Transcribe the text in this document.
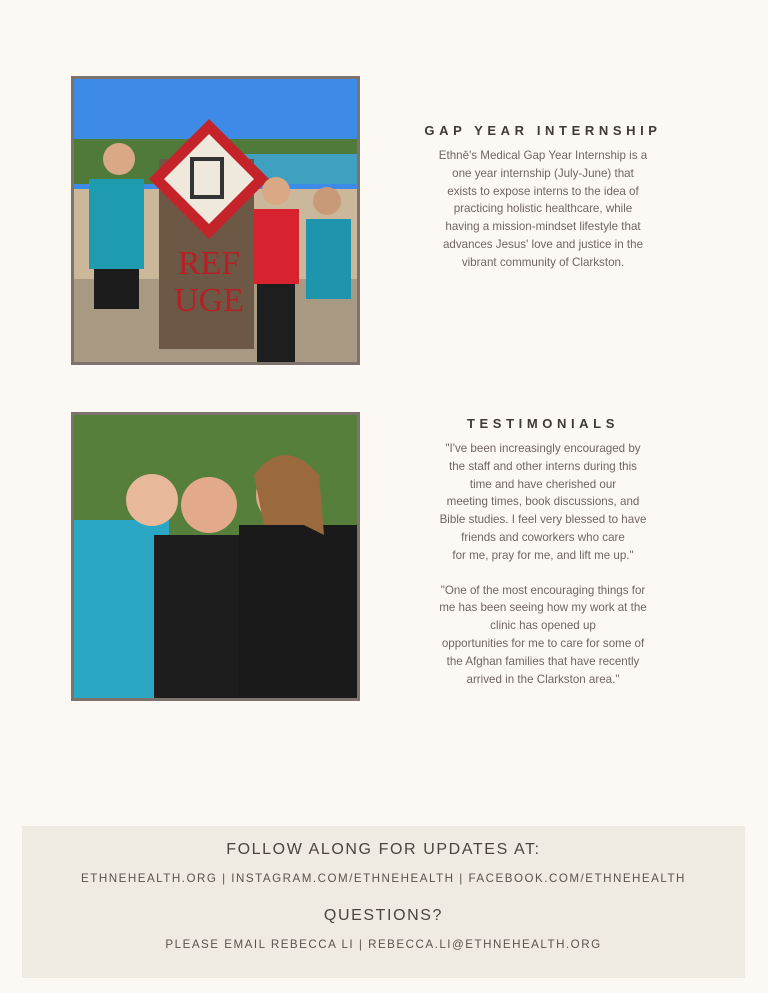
REF
UGE
GAP YEAR INTERNSHIP
Ethnē's Medical Gap Year Internship is a
one year internship (July-June) that
exists to expose interns to the idea of
practicing holistic healthcare, while
having a mission-mindset lifestyle that
advances Jesus' love and justice in the
vibrant community of Clarkston.
TESTIMONIALS
"I've been increasingly encouraged by
the staff and other interns during this
time and have cherished our
meeting times, book discussions, and
Bible studies. I feel very blessed to have
friends and coworkers who care
for me, pray for me, and lift me up."
"One of the most encouraging things for
me has been seeing how my work at the
clinic has opened up
opportunities for me to care for some of
the Afghan families that have recently
arrived in the Clarkston area."
FOLLOW ALONG FOR UPDATES AT:
ETHNEHEALTH.ORG | INSTAGRAM.COM/ETHNEHEALTH | FACEBOOK.COM/ETHNEHEALTH
QUESTIONS?
PLEASE EMAIL REBECCA LI | REBECCA.LI@ETHNEHEALTH.ORG
